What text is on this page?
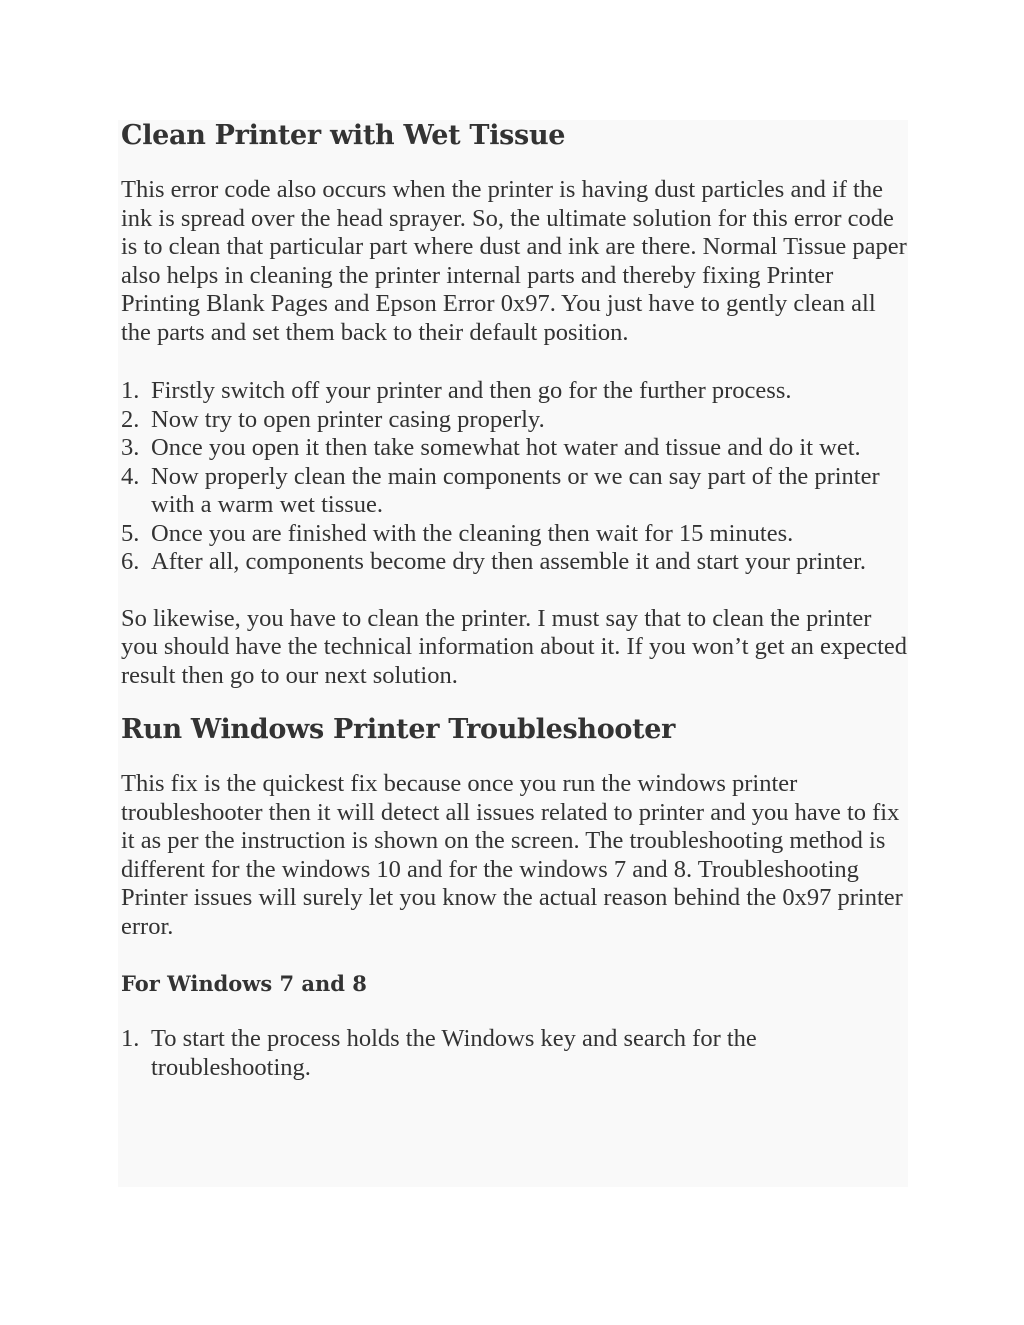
Clean Printer with Wet Tissue

This error code also occurs when the printer is having dust particles and if the ink is spread over the head sprayer. So, the ultimate solution for this error code is to clean that particular part where dust and ink are there. Normal Tissue paper also helps in cleaning the printer internal parts and thereby fixing Printer Printing Blank Pages and Epson Error 0x97. You just have to gently clean all the parts and set them back to their default position.

1. Firstly switch off your printer and then go for the further process.
2. Now try to open printer casing properly.
3. Once you open it then take somewhat hot water and tissue and do it wet.
4. Now properly clean the main components or we can say part of the printer with a warm wet tissue.
5. Once you are finished with the cleaning then wait for 15 minutes.
6. After all, components become dry then assemble it and start your printer.

So likewise, you have to clean the printer. I must say that to clean the printer you should have the technical information about it. If you won’t get an expected result then go to our next solution.

Run Windows Printer Troubleshooter

This fix is the quickest fix because once you run the windows printer troubleshooter then it will detect all issues related to printer and you have to fix it as per the instruction is shown on the screen. The troubleshooting method is different for the windows 10 and for the windows 7 and 8. Troubleshooting Printer issues will surely let you know the actual reason behind the 0x97 printer error.

For Windows 7 and 8
1. To start the process holds the Windows key and search for the troubleshooting.
